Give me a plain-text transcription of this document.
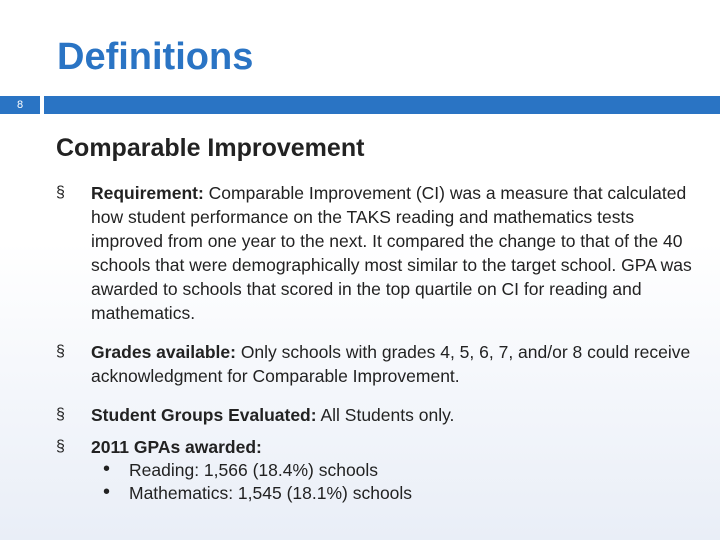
Definitions
8
Comparable Improvement
§	Requirement: Comparable Improvement (CI) was a measure that calculated how student performance on the TAKS reading and mathematics tests improved from one year to the next. It compared the change to that of the 40 schools that were demographically most similar to the target school. GPA was awarded to schools that scored in the top quartile on CI for reading and mathematics.
§	Grades available: Only schools with grades 4, 5, 6, 7, and/or 8 could receive acknowledgment for Comparable Improvement.
§	Student Groups Evaluated: All Students only.
§	2011 GPAs awarded:
•	Reading: 1,566 (18.4%) schools
•	Mathematics: 1,545 (18.1%) schools
